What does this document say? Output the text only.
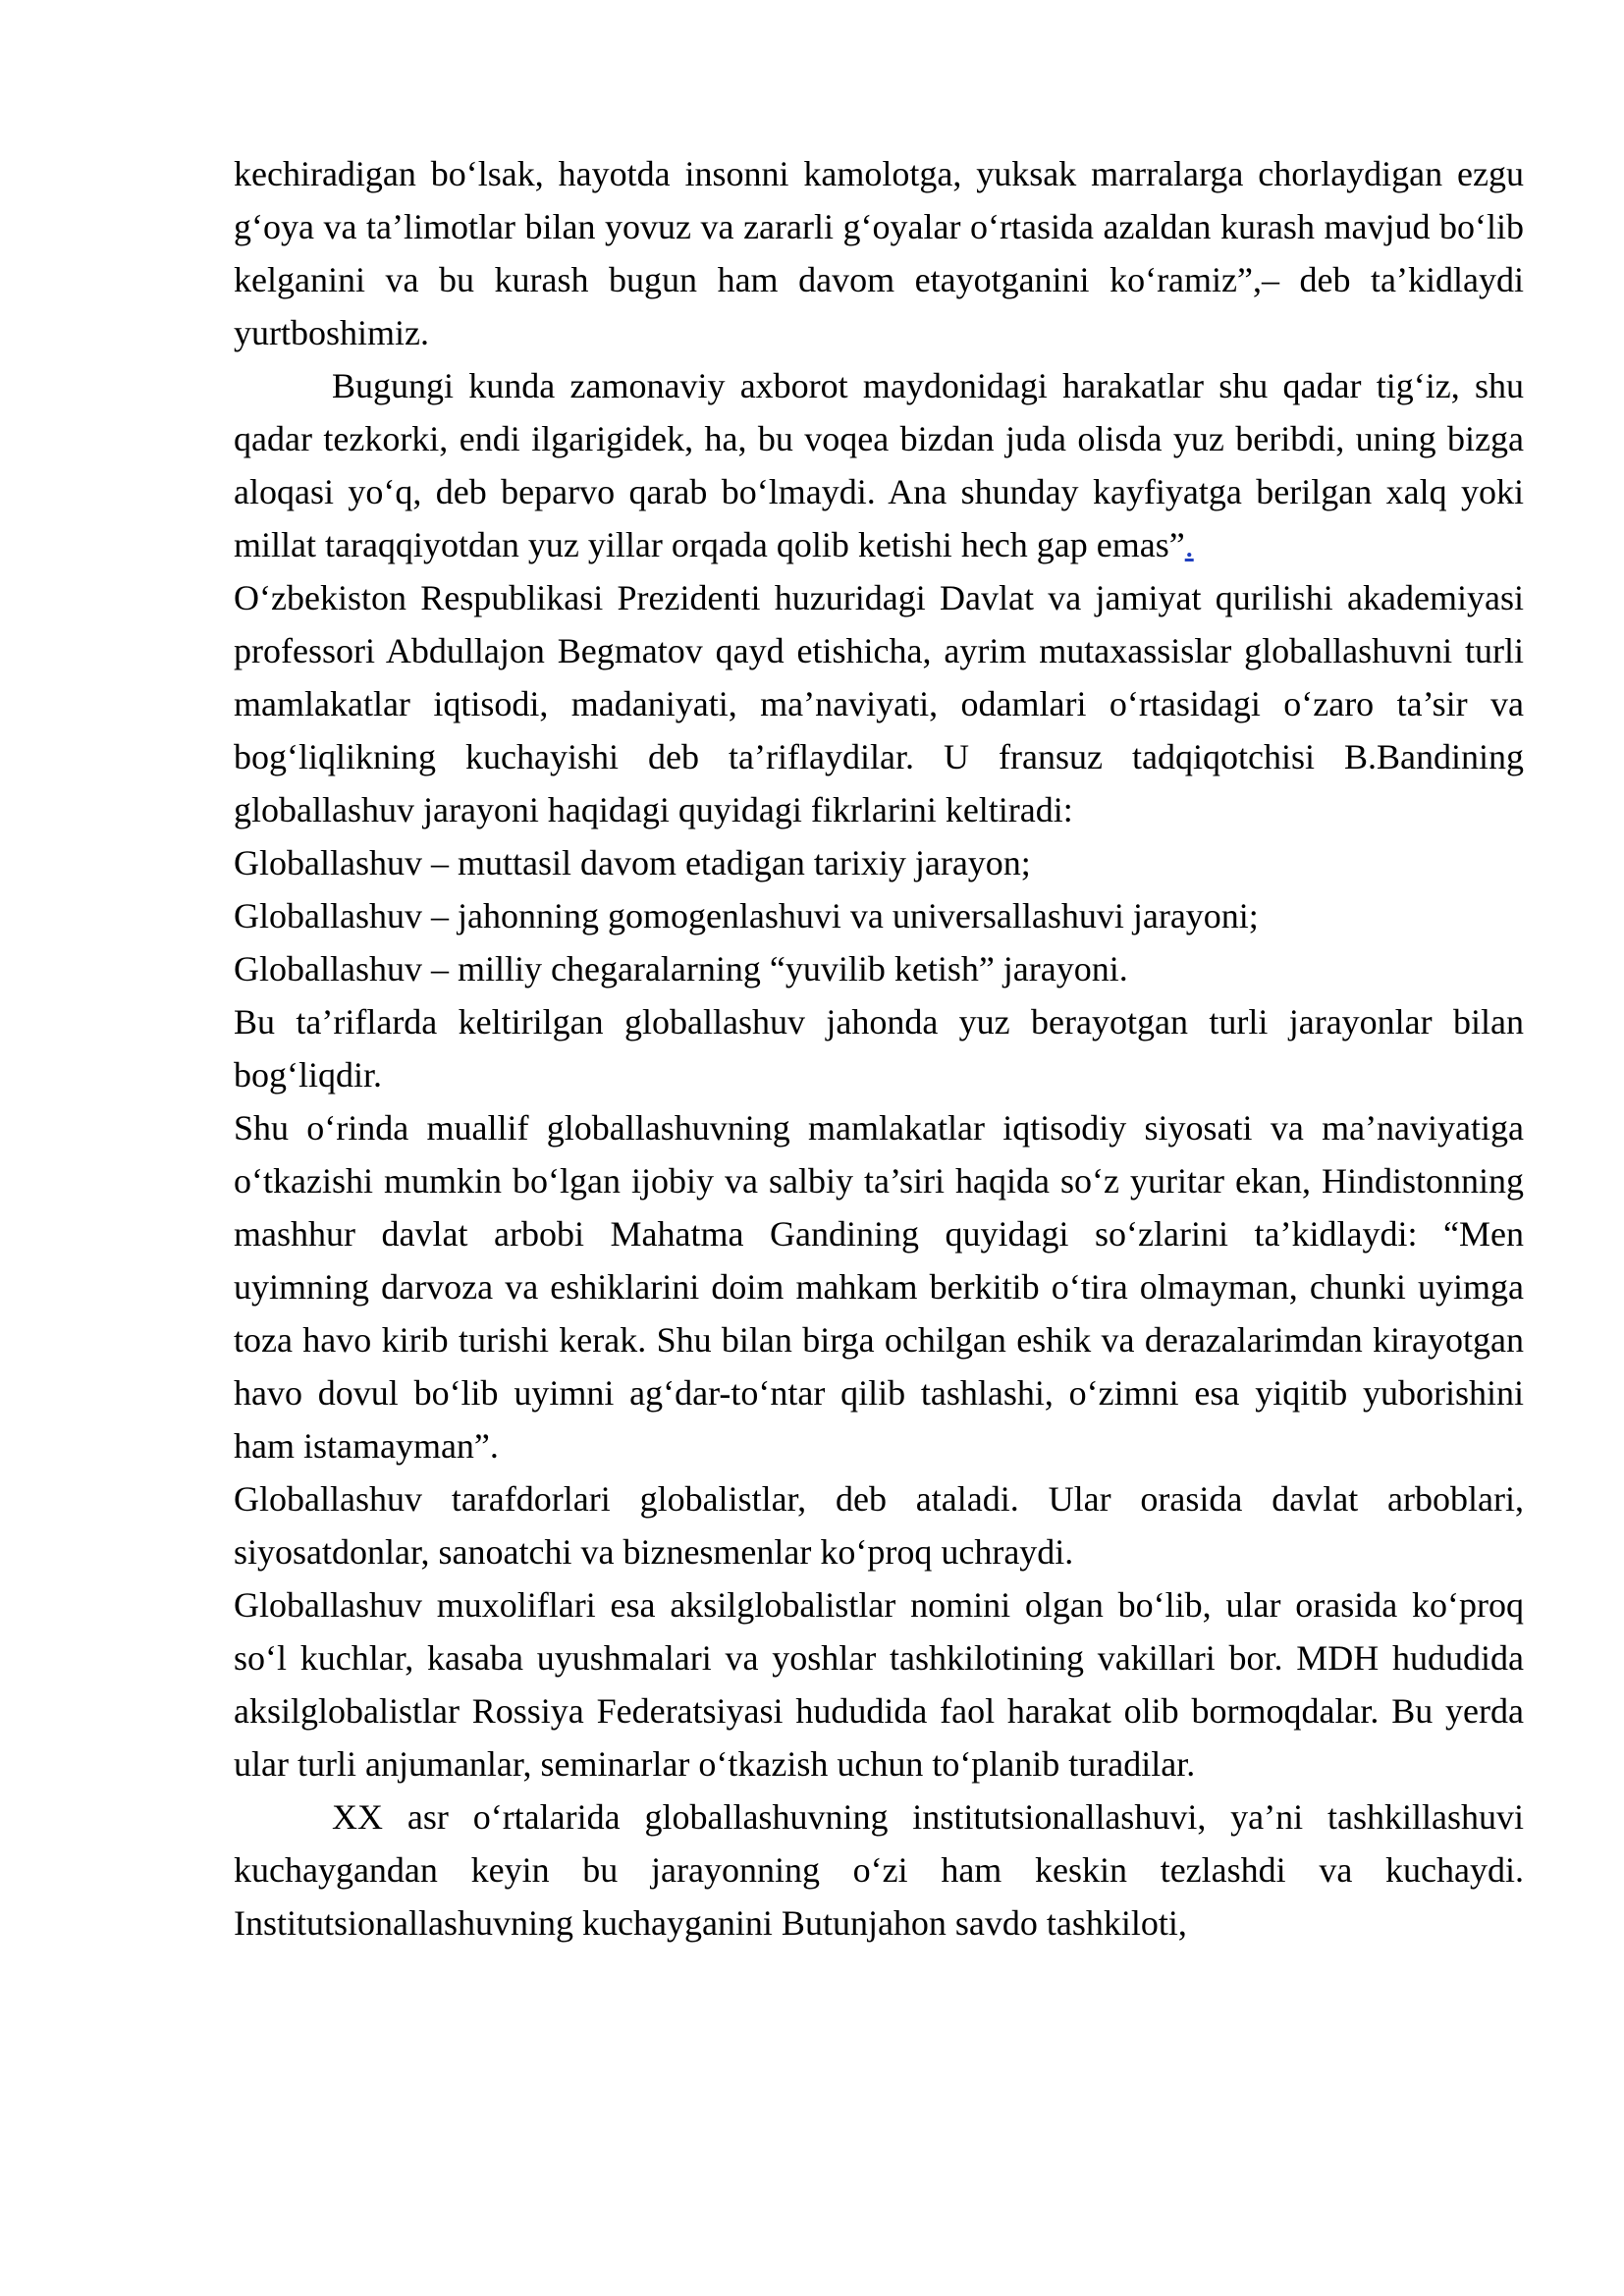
kechiradigan bo‘lsak, hayotda insonni kamolotga, yuksak marralarga chorlaydigan ezgu g‘oya va ta’limotlar bilan yovuz va zararli g‘oyalar o‘rtasida azaldan kurash mavjud bo‘lib kelganini va bu kurash bugun ham davom etayotganini ko‘ramiz”,– deb ta’kidlaydi yurtboshimiz.

Bugungi kunda zamonaviy axborot maydonidagi harakatlar shu qadar tig‘iz, shu qadar tezkorki, endi ilgarigidek, ha, bu voqea bizdan juda olisda yuz beribdi, uning bizga aloqasi yo‘q, deb beparvo qarab bo‘lmaydi. Ana shunday kayfiyatga berilgan xalq yoki millat taraqqiyotdan yuz yillar orqada qolib ketishi hech gap emas”.

O‘zbekiston Respublikasi Prezidenti huzuridagi Davlat va jamiyat qurilishi akademiyasi professori Abdullajon Begmatov qayd etishicha, ayrim mutaxassislar globallashuvni turli mamlakatlar iqtisodi, madaniyati, ma’naviyati, odamlari o‘rtasidagi o‘zaro ta’sir va bog‘liqlikning kuchayishi deb ta’riflaydilar. U fransuz tadqiqotchisi B.Bandining globallashuv jarayoni haqidagi quyidagi fikrlarini keltiradi:

Globallashuv – muttasil davom etadigan tarixiy jarayon;

Globallashuv – jahonning gomogenlashuvi va universallashuvi jarayoni;

Globallashuv – milliy chegaralarning “yuvilib ketish” jarayoni.

Bu ta’riflarda keltirilgan globallashuv jahonda yuz berayotgan turli jarayonlar bilan bog‘liqdir.

Shu o‘rinda muallif globallashuvning mamlakatlar iqtisodiy siyosati va ma’naviyatiga o‘tkazishi mumkin bo‘lgan ijobiy va salbiy ta’siri haqida so‘z yuritar ekan, Hindistonning mashhur davlat arbobi Mahatma Gandining quyidagi so‘zlarini ta’kidlaydi: “Men uyimning darvoza va eshiklarini doim mahkam berkitib o‘tira olmayman, chunki uyimga toza havo kirib turishi kerak. Shu bilan birga ochilgan eshik va derazalarimdan kirayotgan havo dovul bo‘lib uyimni ag‘dar-to‘ntar qilib tashlashi, o‘zimni esa yiqitib yuborishini ham istamayman”.

Globallashuv tarafdorlari globalistlar, deb ataladi. Ular orasida davlat arboblari, siyosatdonlar, sanoatchi va biznesmenlar ko‘proq uchraydi.

Globallashuv muxoliflari esa aksilglobalistlar nomini olgan bo‘lib, ular orasida ko‘proq so‘l kuchlar, kasaba uyushmalari va yoshlar tashkilotining vakillari bor. MDH hududida aksilglobalistlar Rossiya Federatsiyasi hududida faol harakat olib bormoqdalar. Bu yerda ular turli anjumanlar, seminarlar o‘tkazish uchun to‘planib turadilar.

XX asr o‘rtalarida globallashuvning institutsionallashuvi, ya’ni tashkillashuvi kuchaygandan keyin bu jarayonning o‘zi ham keskin tezlashdi va kuchaydi. Institutsionallashuvning kuchayganini Butunjahon savdo tashkiloti,
